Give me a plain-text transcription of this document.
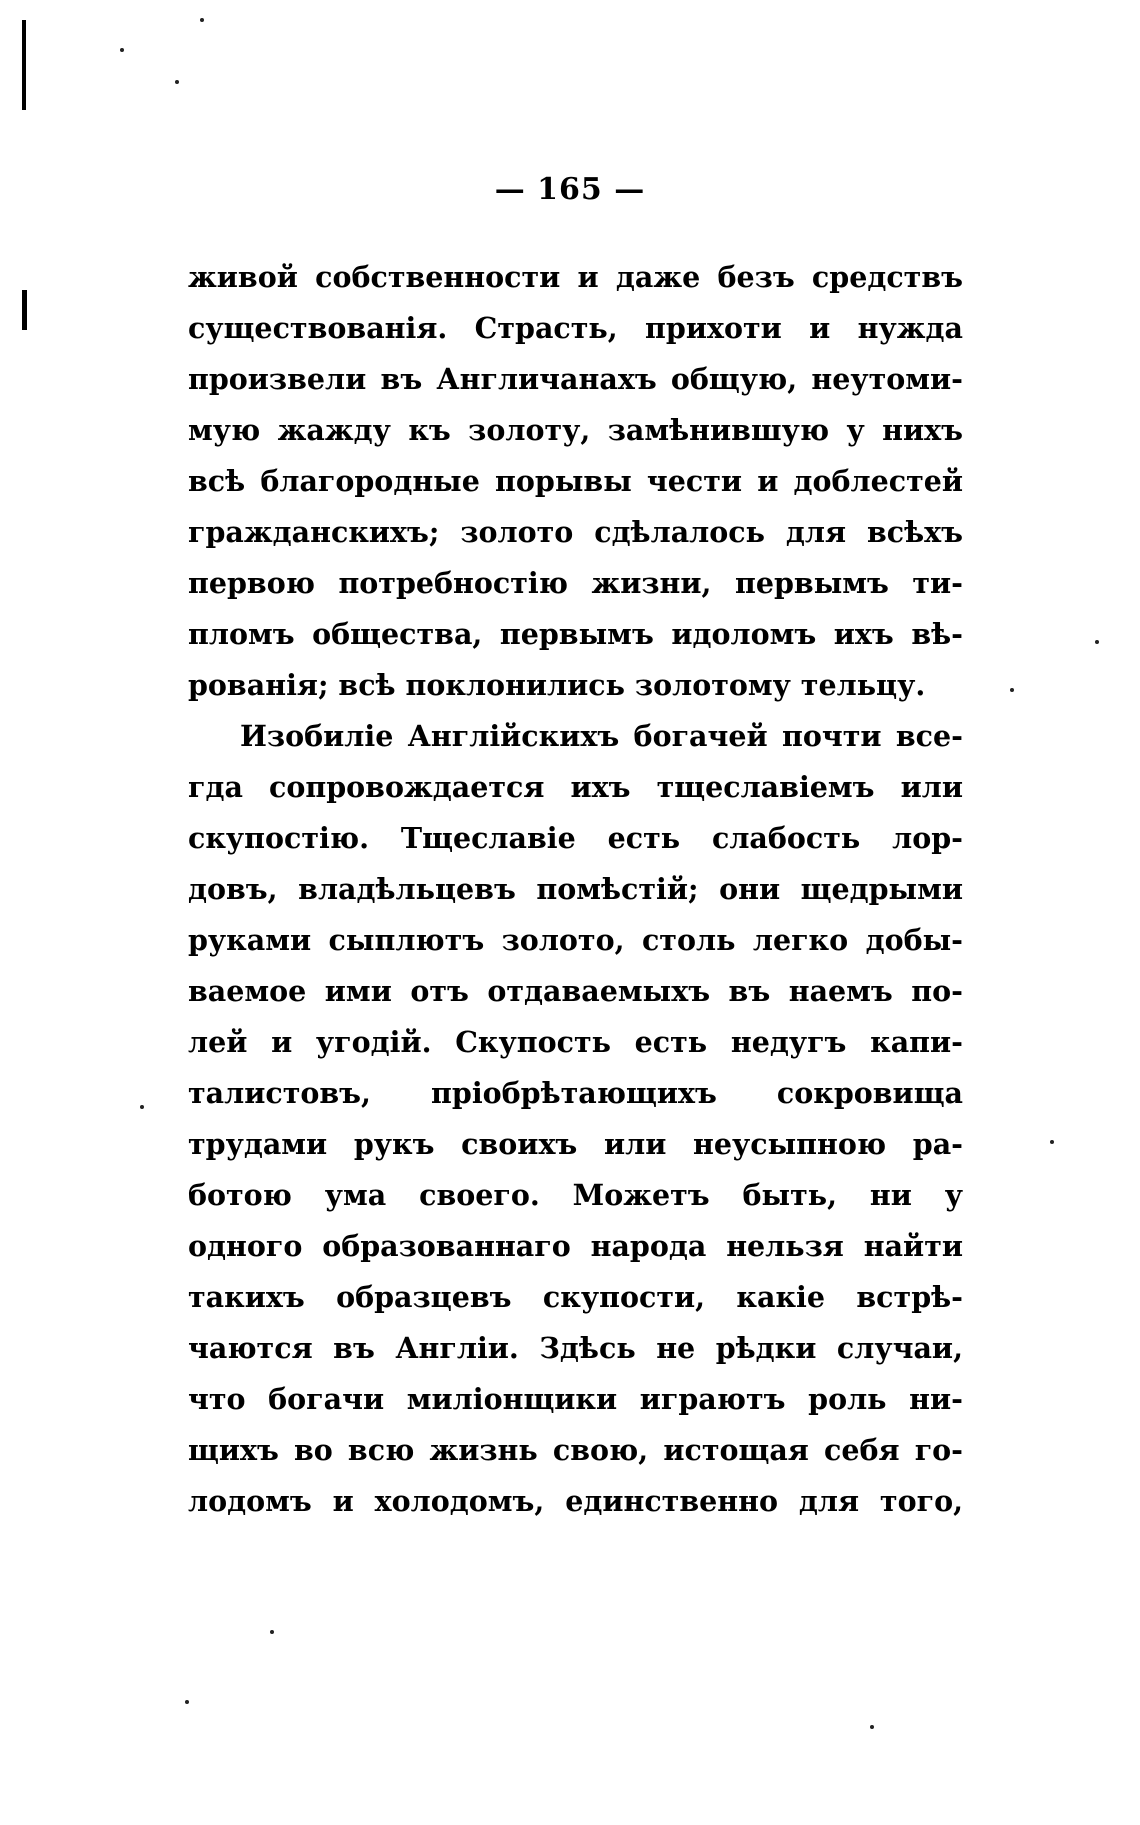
— 165 —
живой собственности и даже безъ средствъ
существованія. Страсть, прихоти и нужда
произвели въ Англичанахъ общую, неутоми-
мую жажду къ золоту, замѣнившую у нихъ
всѣ благородные порывы чести и доблестей
гражданскихъ; золото сдѣлалось для всѣхъ
первою потребностію жизни, первымъ ти-
пломъ общества, первымъ идоломъ ихъ вѣ-
рованія; всѣ поклонились золотому тельцу.
Изобиліе Англійскихъ богачей почти все-
гда сопровождается ихъ тщеславіемъ или
скупостію. Тщеславіе есть слабость лор-
довъ, владѣльцевъ помѣстій; они щедрыми
руками сыплютъ золото, столь легко добы-
ваемое ими отъ отдаваемыхъ въ наемъ по-
лей и угодій. Скупость есть недугъ капи-
талистовъ, пріобрѣтающихъ сокровища
трудами рукъ своихъ или неусыпною ра-
ботою ума своего. Можетъ быть, ни у
одного образованнаго народа нельзя найти
такихъ образцевъ скупости, какіе встрѣ-
чаются въ Англіи. Здѣсь не рѣдки случаи,
что богачи миліонщики играютъ роль ни-
щихъ во всю жизнь свою, истощая себя го-
лодомъ и холодомъ, единственно для того,
